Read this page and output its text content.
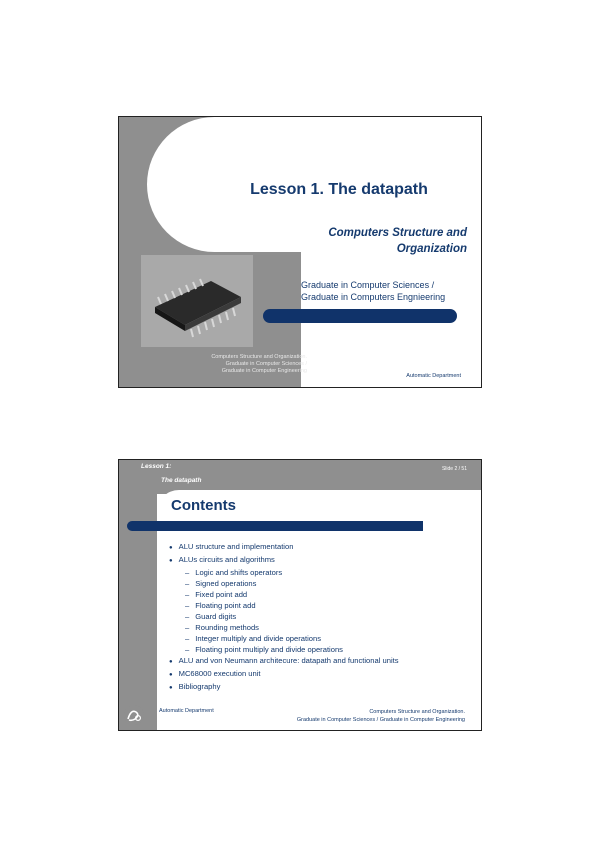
Lesson 1. The datapath
Computers Structure and
Organization
Graduate in Computer Sciences /
Graduate in Computers Engnieering
Computers Structure and Organization.
Graduate in Computer Sciences /
Graduate in Computer Engineering
Automatic Department
Lesson 1:
The datapath
Slide 2 / 51
Contents
● ALU structure and implementation
● ALUs circuits and algorithms
– Logic and shifts operators
– Signed operations
– Fixed point add
– Floating point add
– Guard digits
– Rounding methods
– Integer multiply and divide operations
– Floating point multiply and divide operations
● ALU and von Neumann architecure: datapath and functional units
● MC68000 execution unit
● Bibliography
Automatic Department	Computers Structure and Organization.
Graduate in Computer Sciences / Graduate in Computer Engineering
